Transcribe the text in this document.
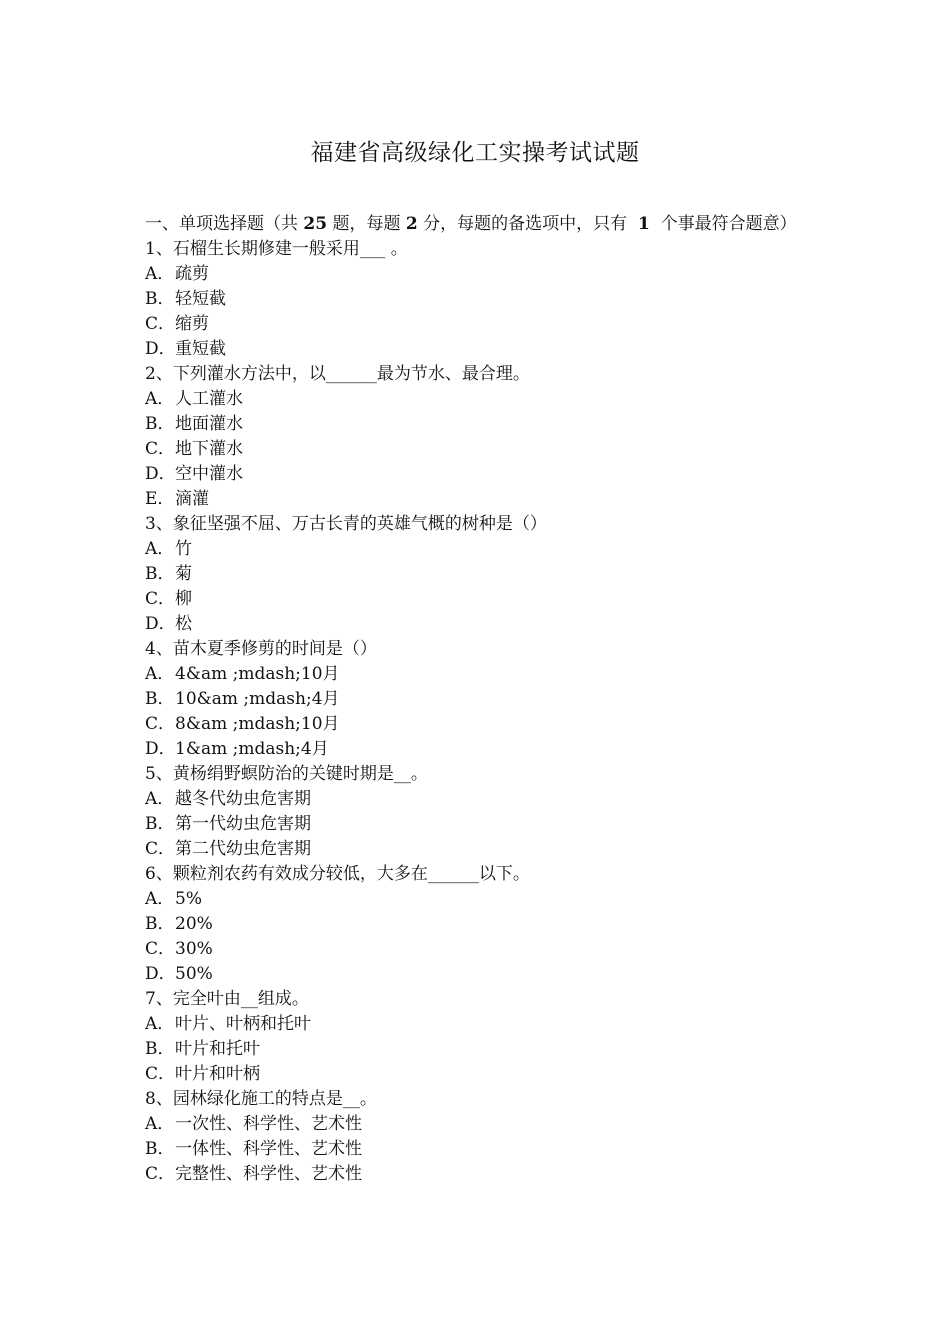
福建省高级绿化工实操考试试题

一、单项选择题（共 25 题，每题 2 分，每题的备选项中，只有 1 个事最符合题意）

1、石榴生长期修建一般采用___ 。

A．疏剪

B．轻短截

C．缩剪

D．重短截

2、下列灌水方法中，以______最为节水、最合理。

A．人工灌水

B．地面灌水

C．地下灌水

D．空中灌水

E．滴灌

3、象征坚强不屈、万古长青的英雄气概的树种是（）

A．竹

B．菊

C．柳

D．松

4、苗木夏季修剪的时间是（）

A．4&am ;mdash;10月

B．10&am ;mdash;4月

C．8&am ;mdash;10月

D．1&am ;mdash;4月

5、黄杨绢野螟防治的关键时期是__。

A．越冬代幼虫危害期

B．第一代幼虫危害期

C．第二代幼虫危害期

6、颗粒剂农药有效成分较低，大多在______以下。

A．5%

B．20%

C．30%

D．50%

7、完全叶由__组成。

A．叶片、叶柄和托叶

B．叶片和托叶

C．叶片和叶柄

8、园林绿化施工的特点是__。

A．一次性、科学性、艺术性

B．一体性、科学性、艺术性

C．完整性、科学性、艺术性
